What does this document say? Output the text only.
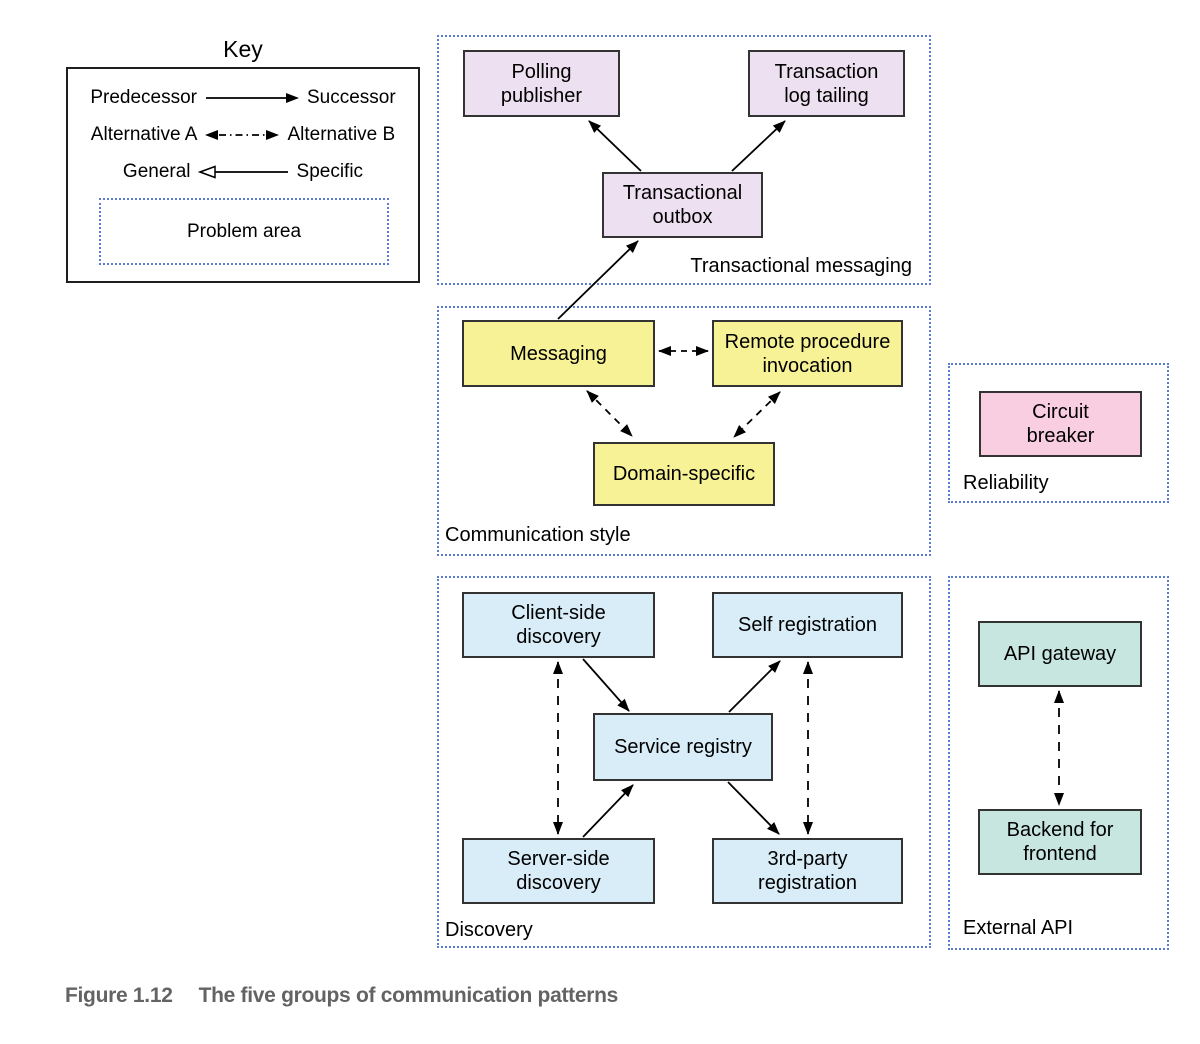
Key
Predecessor	Successor
Alternative A	Alternative B
General	Specific
Problem area
Transactional messaging
Communication style
Reliability
Discovery	External API
Polling publisher
Transaction log tailing
Transactional outbox
Messaging
Remote procedure invocation
Domain-specific
Circuit breaker
Client-side discovery
Self registration
Service registry
Server-side discovery
3rd-party registration
API gateway
Backend for frontend
Figure 1.12 The five groups of communication patterns
